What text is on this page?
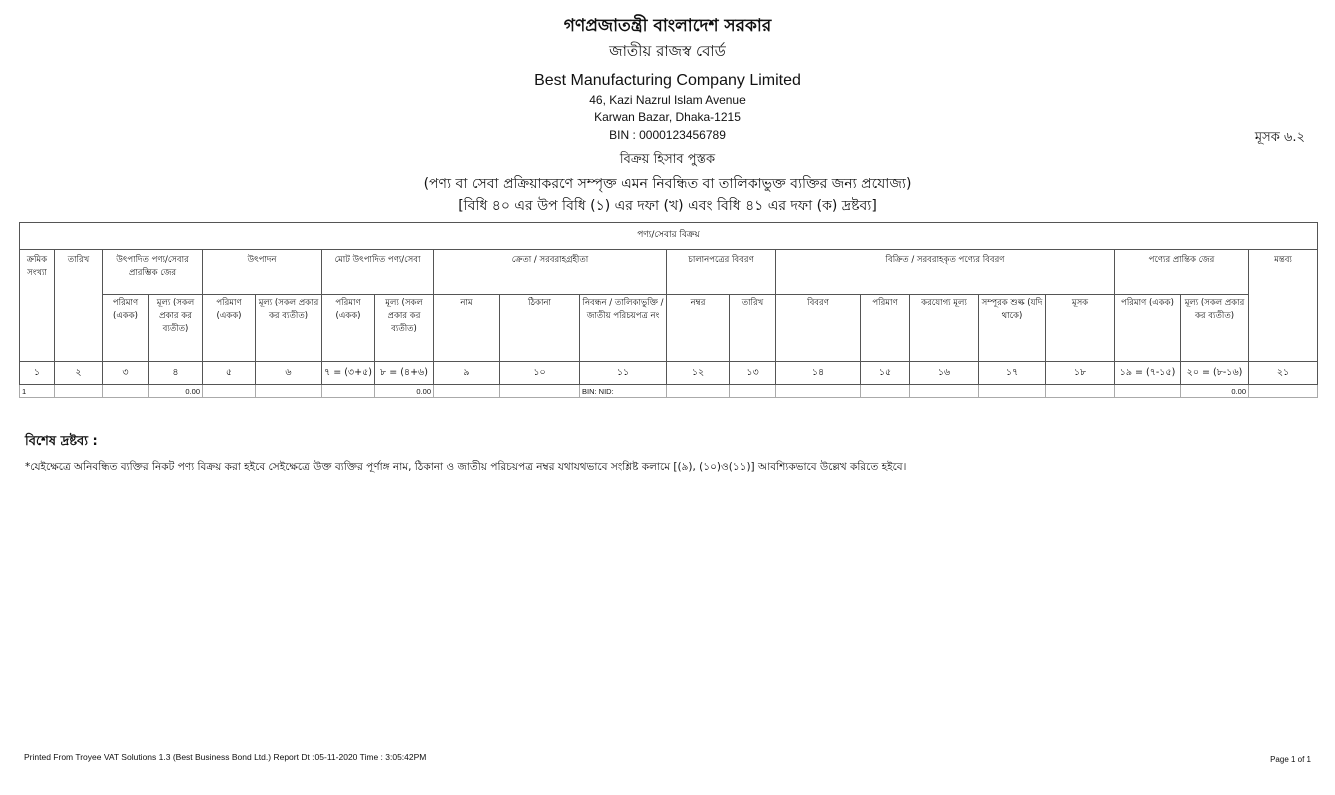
গণপ্রজাতন্ত্রী বাংলাদেশ সরকার
জাতীয় রাজস্ব বোর্ড
Best Manufacturing Company Limited
46, Kazi Nazrul Islam Avenue
Karwan Bazar, Dhaka-1215
BIN : 0000123456789
বিক্রয় হিসাব পুস্তক
(পণ্য বা সেবা প্রক্রিয়াকরণে সম্পৃক্ত এমন নিবন্ধিত বা তালিকাভুক্ত ব্যক্তির জন্য প্রযোজ্য)
[বিধি ৪০ এর উপ বিধি (১) এর দফা (খ) এবং বিধি ৪১ এর দফা (ক) দ্রষ্টব্য]
মূসক ৬.২
পণ্য/সেবার বিক্রয়																				
ক্রমিক সংখ্যা	তারিখ	উৎপাদিত পণ্য/সেবার প্রারম্ভিক জের		উৎপাদন		মোট উৎপাদিত পণ্য/সেবা		ক্রেতা / সরবরাহগ্রহীতা			চালানপত্রের বিবরণ		বিক্রিত / সরবরাহকৃত পণ্যের বিবরণ					পণ্যের প্রান্তিক জের		মন্তব্য
		পরিমাণ (একক)	মূল্য (সকল প্রকার কর ব্যতীত)	পরিমাণ (একক)	মূল্য (সকল প্রকার কর ব্যতীত)	পরিমাণ (একক)	মূল্য (সকল প্রকার কর ব্যতীত)	নাম	ঠিকানা	নিবন্ধন / তালিকাভুক্তি / জাতীয় পরিচয়পত্র নং	নম্বর	তারিখ	বিবরণ	পরিমাণ	করযোগ্য মূল্য	সম্পূরক শুল্ক (যদি থাকে)	মূসক	পরিমাণ (একক)	মূল্য (সকল প্রকার কর ব্যতীত)	
১	২	৩	৪	৫	৬	৭ = (৩+৫)	৮ = (৪+৬)	৯	১০	১১	১২	১৩	১৪	১৫	১৬	১৭	১৮	১৯ = (৭-১৫)	২০ = (৮-১৬)	২১
1			0.00				0.00			BIN: NID:									0.00	
বিশেষ দ্রষ্টব্য :
*যেইক্ষেত্রে অনিবন্ধিত ব্যক্তির নিকট পণ্য বিক্রয় করা হইবে সেইক্ষেত্রে উক্ত ব্যক্তির পূর্ণাঙ্গ নাম, ঠিকানা ও জাতীয় পরিচয়পত্র নম্বর যথাযথভাবে সংশ্লিষ্ট কলামে [(৯), (১০)ও(১১)] আবশ্যিকভাবে উল্লেখ করিতে হইবে।
Printed From Troyee VAT Solutions 1.3 (Best Business Bond Ltd.) Report Dt :05-11-2020 Time : 3:05:42PM	Page 1 of 1
